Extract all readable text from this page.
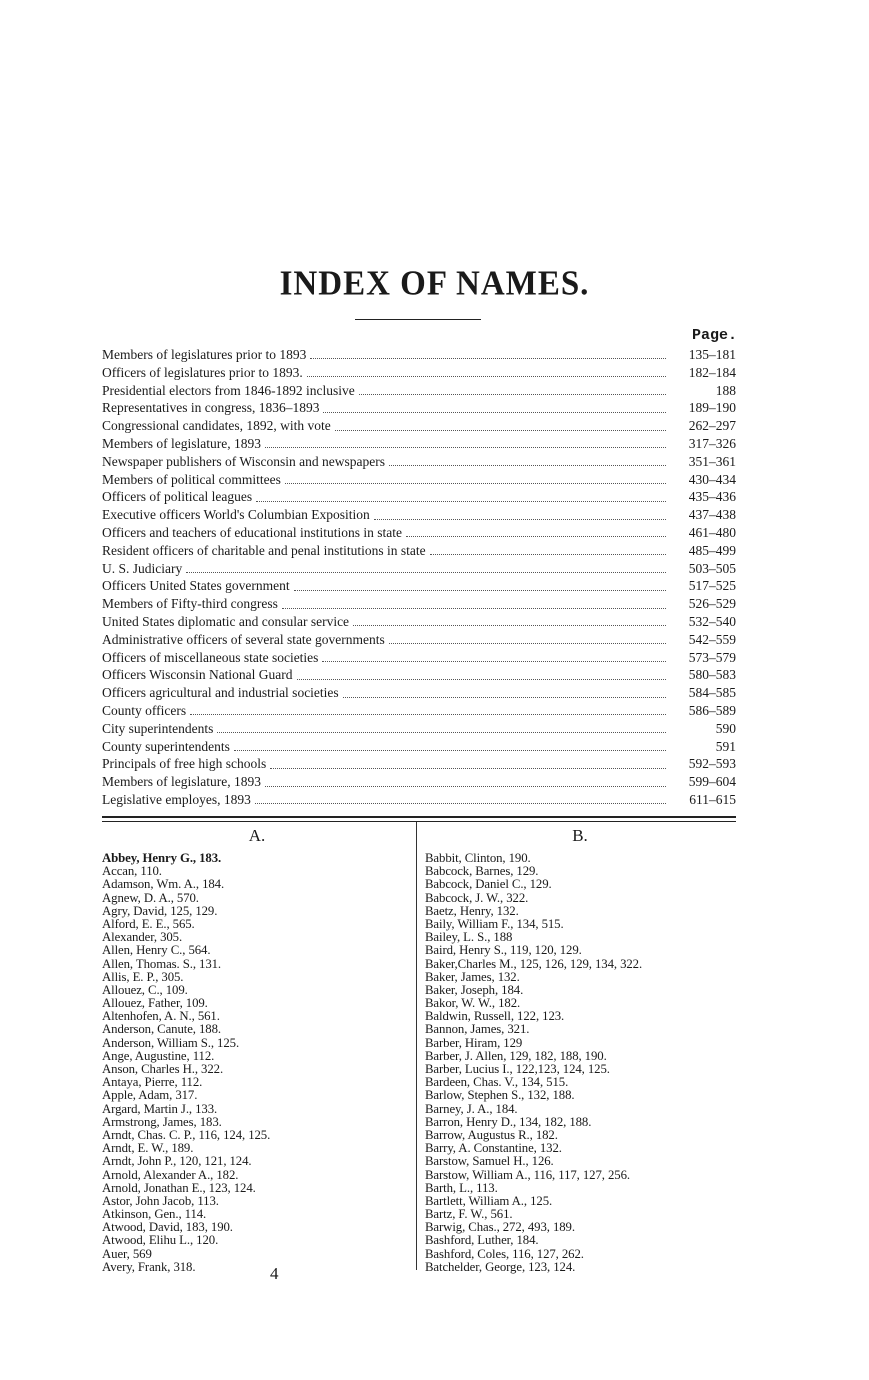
INDEX OF NAMES.
Page.
Members of legislatures prior to 1893	135–181
Officers of legislatures prior to 1893.	182–184
Presidential electors from 1846-1892 inclusive	188
Representatives in congress, 1836–1893	189–190
Congressional candidates, 1892, with vote	262–297
Members of legislature, 1893	317–326
Newspaper publishers of Wisconsin and newspapers	351–361
Members of political committees	430–434
Officers of political leagues	435–436
Executive officers World's Columbian Exposition	437–438
Officers and teachers of educational institutions in state	461–480
Resident officers of charitable and penal institutions in state	485–499
U. S. Judiciary	503–505
Officers United States government	517–525
Members of Fifty-third congress	526–529
United States diplomatic and consular service	532–540
Administrative officers of several state governments	542–559
Officers of miscellaneous state societies	573–579
Officers Wisconsin National Guard	580–583
Officers agricultural and industrial societies	584–585
County officers	586–589
City superintendents	590
County superintendents	591
Principals of free high schools	592–593
Members of legislature, 1893	599–604
Legislative employes, 1893	611–615
A.	B.
Abbey, Henry G., 183.
Accan, 110.
Adamson, Wm. A., 184.
Agnew, D. A., 570.
Agry, David, 125, 129.
Alford, E. E., 565.
Alexander, 305.
Allen, Henry C., 564.
Allen, Thomas. S., 131.
Allis, E. P., 305.
Allouez, C., 109.
Allouez, Father, 109.
Altenhofen, A. N., 561.
Anderson, Canute, 188.
Anderson, William S., 125.
Ange, Augustine, 112.
Anson, Charles H., 322.
Antaya, Pierre, 112.
Apple, Adam, 317.
Argard, Martin J., 133.
Armstrong, James, 183.
Arndt, Chas. C. P., 116, 124, 125.
Arndt, E. W., 189.
Arndt, John P., 120, 121, 124.
Arnold, Alexander A., 182.
Arnold, Jonathan E., 123, 124.
Astor, John Jacob, 113.
Atkinson, Gen., 114.
Atwood, David, 183, 190.
Atwood, Elihu L., 120.
Auer, 569
Avery, Frank, 318.
Babbit, Clinton, 190.
Babcock, Barnes, 129.
Babcock, Daniel C., 129.
Babcock, J. W., 322.
Baetz, Henry, 132.
Baily, William F., 134, 515.
Bailey, L. S., 188
Baird, Henry S., 119, 120, 129.
Baker,Charles M., 125, 126, 129, 134, 322.
Baker, James, 132.
Baker, Joseph, 184.
Bakor, W. W., 182.
Baldwin, Russell, 122, 123.
Bannon, James, 321.
Barber, Hiram, 129
Barber, J. Allen, 129, 182, 188, 190.
Barber, Lucius I., 122,123, 124, 125.
Bardeen, Chas. V., 134, 515.
Barlow, Stephen S., 132, 188.
Barney, J. A., 184.
Barron, Henry D., 134, 182, 188.
Barrow, Augustus R., 182.
Barry, A. Constantine, 132.
Barstow, Samuel H., 126.
Barstow, William A., 116, 117, 127, 256.
Barth, L., 113.
Bartlett, William A., 125.
Bartz, F. W., 561.
Barwig, Chas., 272, 493, 189.
Bashford, Luther, 184.
Bashford, Coles, 116, 127, 262.
Batchelder, George, 123, 124.
4
